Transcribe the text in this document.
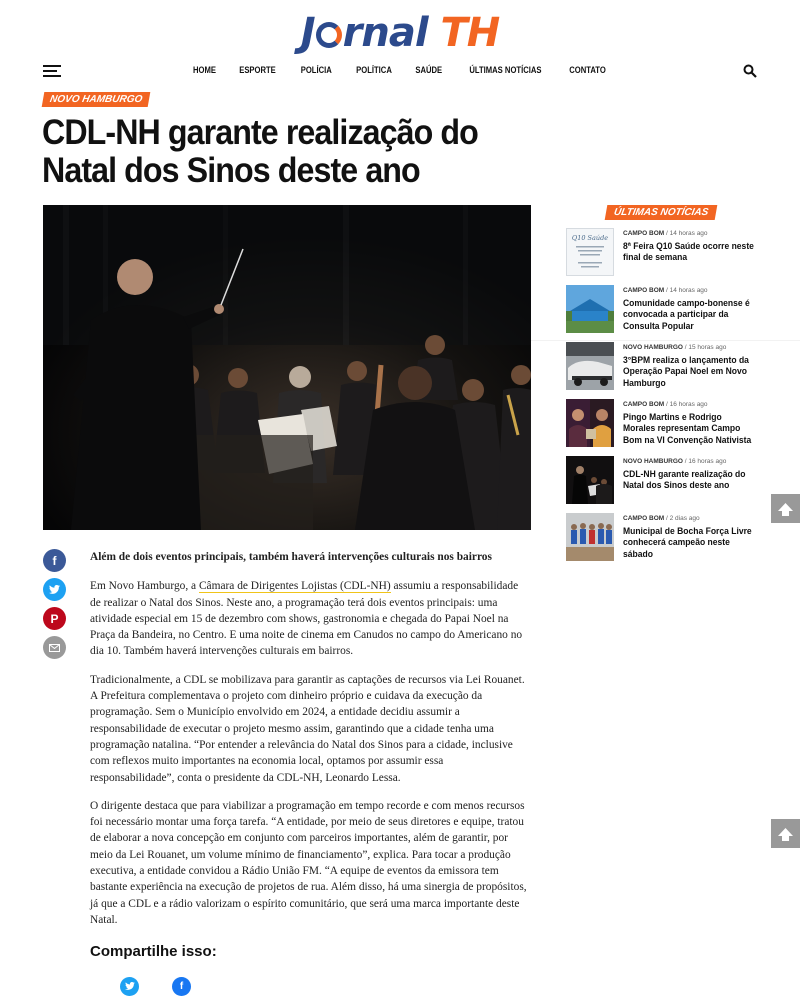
J rnal TH
HOME	ESPORTE	POLÍCIA	POLÍTICA	SAÚDE	ÚLTIMAS NOTÍCIAS	CONTATO
NOVO HAMBURGO
CDL-NH garante realização do Natal dos Sinos deste ano
f
P

Além de dois eventos principais, também haverá intervenções culturais nos bairros

Em Novo Hamburgo, a Câmara de Dirigentes Lojistas (CDL-NH) assumiu a responsabilidade de realizar o Natal dos Sinos. Neste ano, a programação terá dois eventos principais: uma atividade especial em 15 de dezembro com shows, gastronomia e chegada do Papai Noel na Praça da Bandeira, no Centro. E uma noite de cinema em Canudos no campo do Americano no dia 10. Também haverá intervenções culturais em bairros.

Tradicionalmente, a CDL se mobilizava para garantir as captações de recursos via Lei Rouanet. A Prefeitura complementava o projeto com dinheiro próprio e cuidava da execução da programação. Sem o Município envolvido em 2024, a entidade decidiu assumir a responsabilidade de executar o projeto mesmo assim, garantindo que a cidade tenha uma programação natalina. “Por entender a relevância do Natal dos Sinos para a cidade, inclusive com reflexos muito importantes na economia local, optamos por assumir essa responsabilidade”, conta o presidente da CDL-NH, Leonardo Lessa.

O dirigente destaca que para viabilizar a programação em tempo recorde e com menos recursos foi necessário montar uma força tarefa. “A entidade, por meio de seus diretores e equipe, tratou de elaborar a nova concepção em conjunto com parceiros importantes, além de garantir, por meio da Lei Rouanet, um volume mínimo de financiamento”, explica. Para tocar a produção executiva, a entidade convidou a Rádio União FM. “A equipe de eventos da emissora tem bastante experiência na execução de projetos de rua. Além disso, há uma sinergia de propósitos, já que a CDL e a rádio valorizam o espírito comunitário, que será uma marca importante deste Natal.

Compartilhe isso:
f
ÚLTIMAS NOTÍCIAS
Q10 Saúde
CAMPO BOM / 14 horas ago
8ª Feira Q10 Saúde ocorre neste final de semana
CAMPO BOM / 14 horas ago
Comunidade campo-bonense é convocada a participar da Consulta Popular
NOVO HAMBURGO / 15 horas ago
3°BPM realiza o lançamento da Operação Papai Noel em Novo Hamburgo
CAMPO BOM / 16 horas ago
Pingo Martins e Rodrigo Morales representam Campo Bom na VI Convenção Nativista
NOVO HAMBURGO / 16 horas ago
CDL-NH garante realização do Natal dos Sinos deste ano
CAMPO BOM / 2 dias ago
Municipal de Bocha Força Livre conhecerá campeão neste sábado
